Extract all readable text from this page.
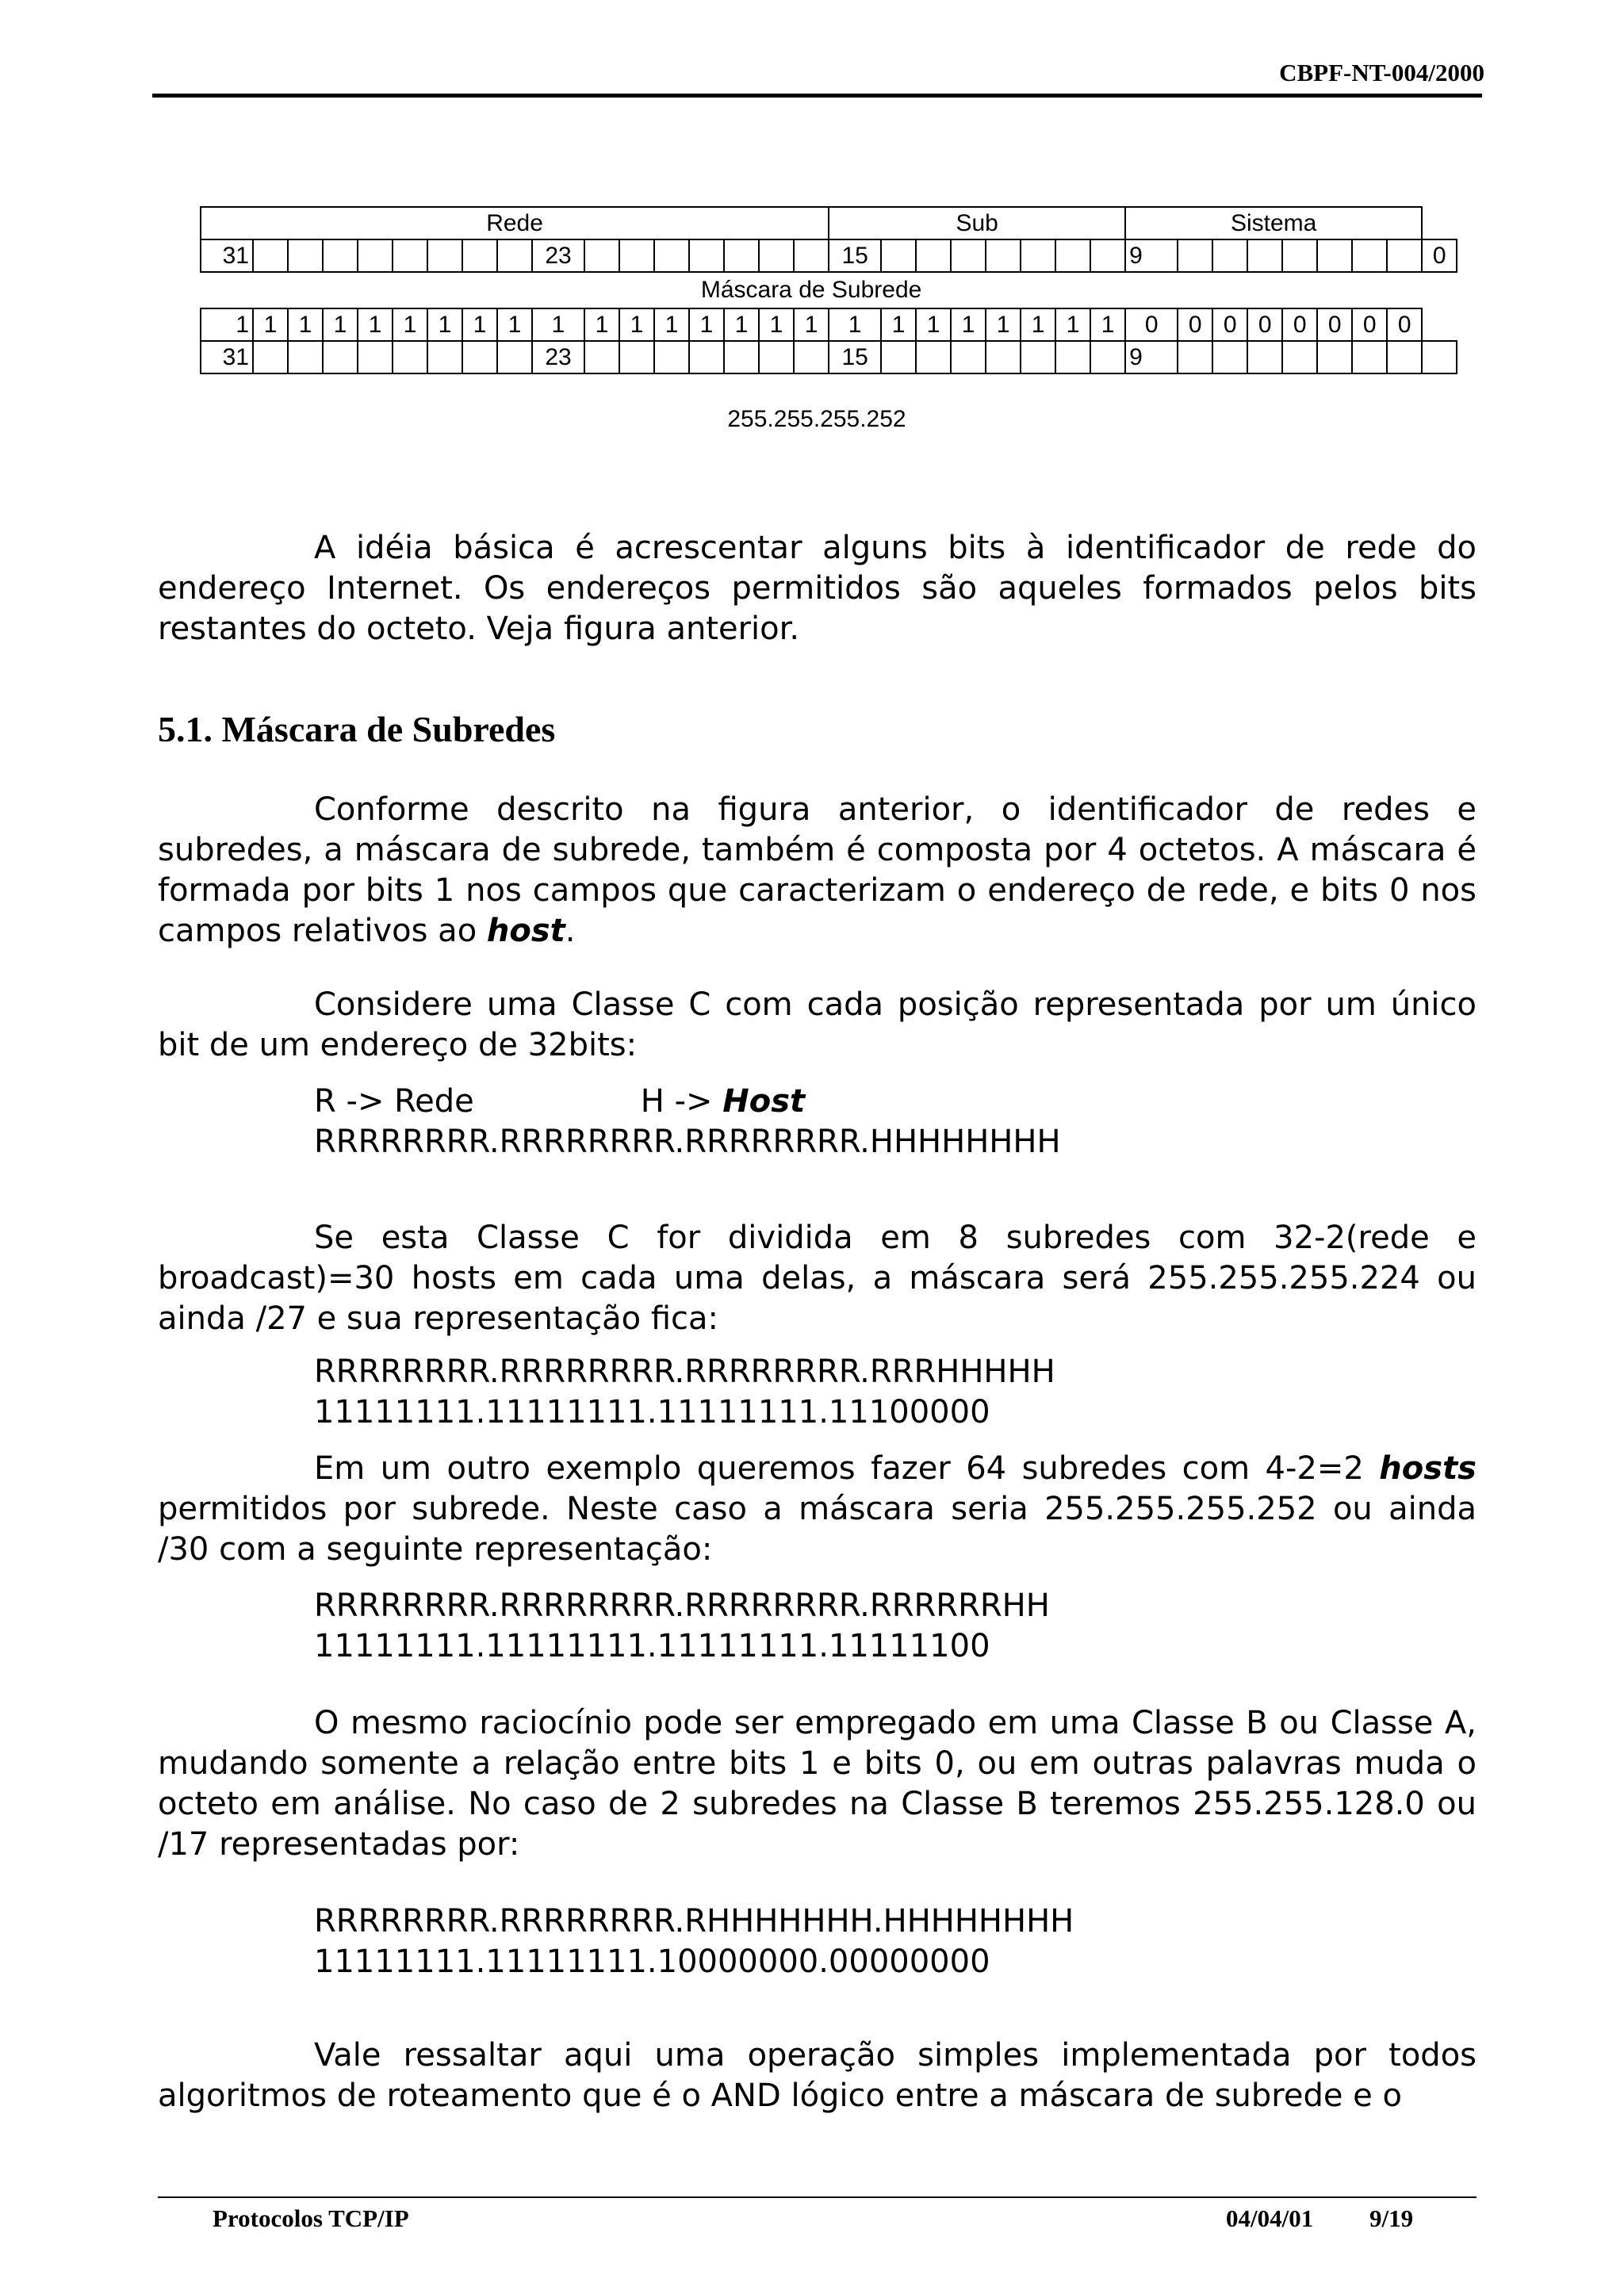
CBPF-NT-004/2000
Rede																	Sub								Sistema								
31									23								15								9								0
Máscara de Subrede																																	
1	1	1	1	1	1	1	1	1	1	1	1	1	1	1	1	1	1	1	1	1	1	1	1	1	0	0	0	0	0	0	0	0	
31									23								15								9								
255.255.255.252

A idéia básica é acrescentar alguns bits à identificador de rede do endereço Internet. Os endereços permitidos são aqueles formados pelos bits restantes do octeto. Veja figura anterior.

5.1. Máscara de Subredes

Conforme descrito na figura anterior, o identificador de redes e subredes, a máscara de subrede, também é composta por 4 octetos. A máscara é formada por bits 1 nos campos que caracterizam o endereço de rede, e bits 0 nos campos relativos ao host.

Considere uma Classe C com cada posição representada por um único bit de um endereço de 32bits:

R -> Rede	H -> Host
RRRRRRRR.RRRRRRRR.RRRRRRRR.HHHHHHHH

Se esta Classe C for dividida em 8 subredes com 32-2(rede e broadcast)=30 hosts em cada uma delas, a máscara será 255.255.255.224 ou ainda /27 e sua representação fica:

RRRRRRRR.RRRRRRRR.RRRRRRRR.RRRHHHHH
11111111.11111111.11111111.11100000

Em um outro exemplo queremos fazer 64 subredes com 4-2=2 hosts permitidos por subrede. Neste caso a máscara seria 255.255.255.252 ou ainda /30 com a seguinte representação:

RRRRRRRR.RRRRRRRR.RRRRRRRR.RRRRRRHH
11111111.11111111.11111111.11111100

O mesmo raciocínio pode ser empregado em uma Classe B ou Classe A, mudando somente a relação entre bits 1 e bits 0, ou em outras palavras muda o octeto em análise. No caso de 2 subredes na Classe B teremos 255.255.128.0 ou /17 representadas por:

RRRRRRRR.RRRRRRRR.RHHHHHHH.HHHHHHHH
11111111.11111111.10000000.00000000

Vale ressaltar aqui uma operação simples implementada por todos algoritmos de roteamento que é o AND lógico entre a máscara de subrede e o

Protocolos TCP/IP	04/04/01 9/19
